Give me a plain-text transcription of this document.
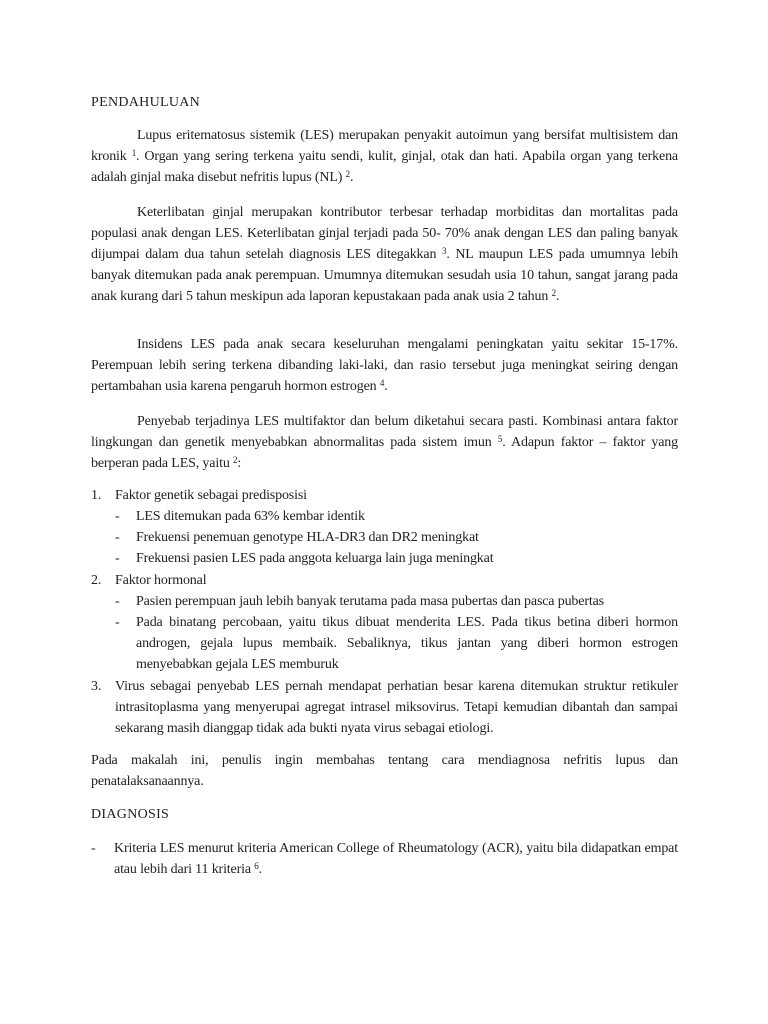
PENDAHULUAN

Lupus eritematosus sistemik (LES) merupakan penyakit autoimun yang bersifat multisistem dan kronik $^1$. Organ yang sering terkena yaitu sendi, kulit, ginjal, otak dan hati. Apabila organ yang terkena adalah ginjal maka disebut nefritis lupus (NL) $^2$.

Keterlibatan ginjal merupakan kontributor terbesar terhadap morbiditas dan mortalitas pada populasi anak dengan LES. Keterlibatan ginjal terjadi pada 50- 70% anak dengan LES dan paling banyak dijumpai dalam dua tahun setelah diagnosis LES ditegakkan $^3$. NL maupun LES pada umumnya lebih banyak ditemukan pada anak perempuan. Umumnya ditemukan sesudah usia 10 tahun, sangat jarang pada anak kurang dari 5 tahun meskipun ada laporan kepustakaan pada anak usia 2 tahun $^2$.

Insidens LES pada anak secara keseluruhan mengalami peningkatan yaitu sekitar 15-17%. Perempuan lebih sering terkena dibanding laki-laki, dan rasio tersebut juga meningkat seiring dengan pertambahan usia karena pengaruh hormon estrogen $^4$.

Penyebab terjadinya LES multifaktor dan belum diketahui secara pasti. Kombinasi antara faktor lingkungan dan genetik menyebabkan abnormalitas pada sistem imun $^5$. Adapun faktor – faktor yang berperan pada LES, yaitu $^2$:

1. Faktor genetik sebagai predisposisi
- LES ditemukan pada 63% kembar identik
- Frekuensi penemuan genotype HLA-DR3 dan DR2 meningkat
- Frekuensi pasien LES pada anggota keluarga lain juga meningkat
2. Faktor hormonal
- Pasien perempuan jauh lebih banyak terutama pada masa pubertas dan pasca pubertas
- Pada binatang percobaan, yaitu tikus dibuat menderita LES. Pada tikus betina diberi hormon androgen, gejala lupus membaik. Sebaliknya, tikus jantan yang diberi hormon estrogen menyebabkan gejala LES memburuk
3. Virus sebagai penyebab LES pernah mendapat perhatian besar karena ditemukan struktur retikuler intrasitoplasma yang menyerupai agregat intrasel miksovirus. Tetapi kemudian dibantah dan sampai sekarang masih dianggap tidak ada bukti nyata virus sebagai etiologi.

Pada makalah ini, penulis ingin membahas tentang cara mendiagnosa nefritis lupus dan penatalaksanaannya.

DIAGNOSIS
- Kriteria LES menurut kriteria American College of Rheumatology (ACR), yaitu bila didapatkan empat atau lebih dari 11 kriteria $^6$.
